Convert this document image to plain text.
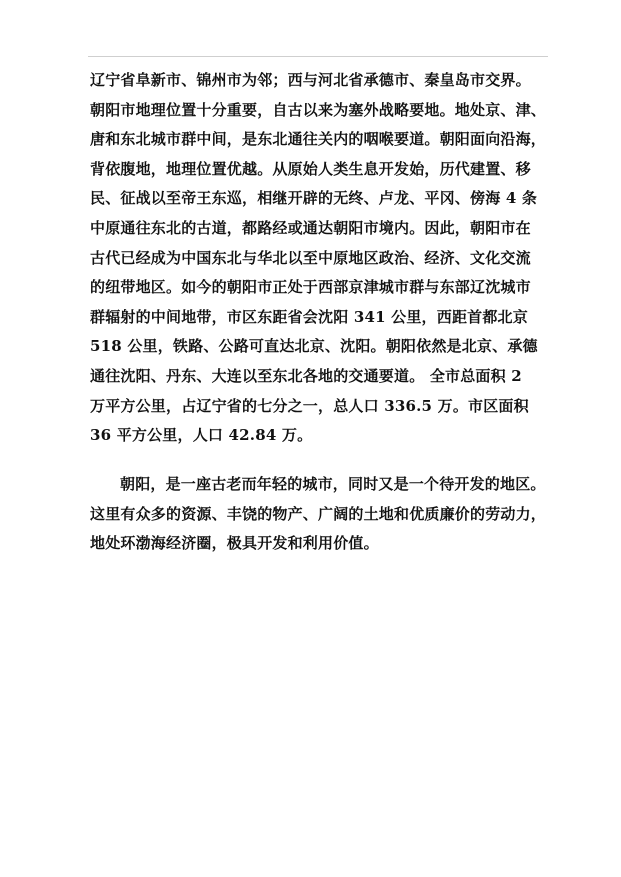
辽宁省阜新市、锦州市为邻；西与河北省承德市、秦皇岛市交界。
朝阳市地理位置十分重要，自古以来为塞外战略要地。地处京、津、
唐和东北城市群中间，是东北通往关内的咽喉要道。朝阳面向沿海，
背依腹地，地理位置优越。从原始人类生息开发始，历代建置、移
民、征战以至帝王东巡，相继开辟的无终、卢龙、平冈、傍海 4 条
中原通往东北的古道，都路经或通达朝阳市境内。因此，朝阳市在
古代已经成为中国东北与华北以至中原地区政治、经济、文化交流
的纽带地区。如今的朝阳市正处于西部京津城市群与东部辽沈城市
群辐射的中间地带，市区东距省会沈阳 341 公里，西距首都北京
518 公里，铁路、公路可直达北京、沈阳。朝阳依然是北京、承德
通往沈阳、丹东、大连以至东北各地的交通要道。 全市总面积 2
万平方公里，占辽宁省的七分之一，总人口 336.5 万。市区面积
36 平方公里，人口 42.84 万。
朝阳，是一座古老而年轻的城市，同时又是一个待开发的地区。
这里有众多的资源、丰饶的物产、广阔的土地和优质廉价的劳动力，
地处环渤海经济圈，极具开发和利用价值。
